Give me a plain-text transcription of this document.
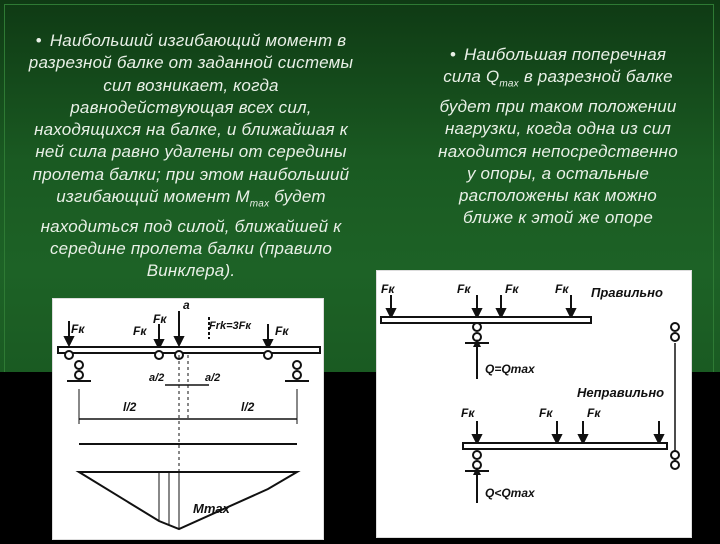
• Наибольший изгибающий момент в
разрезной балке от заданной системы
сил возникает, когда
равнодействующая всех сил,
находящихся на балке, и ближайшая к
ней сила равно удалены от середины
пролета балки; при этом наибольший
изгибающий момент $M_{max}$ будет
находиться под силой, ближайшей к
середине пролета балки (правило
Винклера).
• Наибольшая поперечная
сила $Q_{max}$ в разрезной балке
будет при таком положении
нагрузки, когда одна из сил
находится непосредственно
у опоры, а остальные
расположены как можно
ближе к этой же опоре
Fк	Fк
Fк
Fк
a
Frk=3Fк
a/2	a/2
l/2	l/2
Mmax
Fк	Fк	Fк	Fк Правильно
Q=Qmax
Неправильно
Fк	Fк	Fк
Q<Qmax
